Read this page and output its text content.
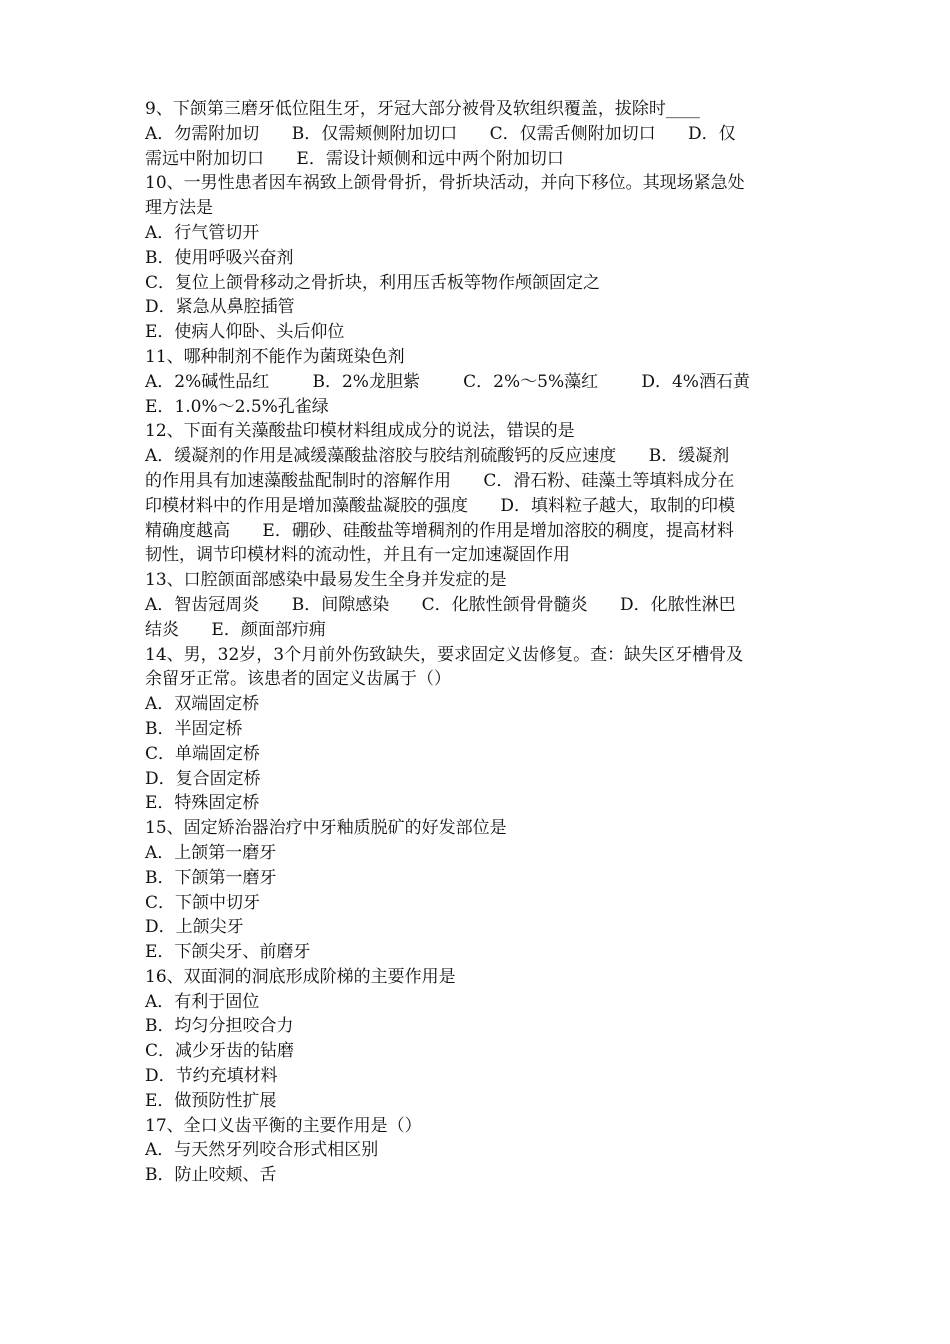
9、下颌第三磨牙低位阻生牙，牙冠大部分被骨及软组织覆盖，拔除时____
A．勿需附加切      B．仅需颊侧附加切口      C．仅需舌侧附加切口      D．仅
需远中附加切口      E．需设计颊侧和远中两个附加切口
10、一男性患者因车祸致上颌骨骨折，骨折块活动，并向下移位。其现场紧急处
理方法是
A．行气管切开
B．使用呼吸兴奋剂
C．复位上颌骨移动之骨折块，利用压舌板等物作颅颌固定之
D．紧急从鼻腔插管
E．使病人仰卧、头后仰位
11、哪种制剂不能作为菌斑染色剂
A．2%碱性品红        B．2%龙胆紫        C．2%～5%藻红        D．4%酒石黄
E．1.0%～2.5%孔雀绿
12、下面有关藻酸盐印模材料组成成分的说法，错误的是
A．缓凝剂的作用是减缓藻酸盐溶胶与胶结剂硫酸钙的反应速度      B．缓凝剂
的作用具有加速藻酸盐配制时的溶解作用      C．滑石粉、硅藻土等填料成分在
印模材料中的作用是增加藻酸盐凝胶的强度      D．填料粒子越大，取制的印模
精确度越高      E．硼砂、硅酸盐等增稠剂的作用是增加溶胶的稠度，提高材料
韧性，调节印模材料的流动性，并且有一定加速凝固作用
13、口腔颌面部感染中最易发生全身并发症的是
A．智齿冠周炎      B．间隙感染      C．化脓性颌骨骨髓炎      D．化脓性淋巴
结炎      E．颜面部疖痈
14、男，32岁，3个月前外伤致缺失，要求固定义齿修复。查：缺失区牙槽骨及
余留牙正常。该患者的固定义齿属于（）
A．双端固定桥
B．半固定桥
C．单端固定桥
D．复合固定桥
E．特殊固定桥
15、固定矫治器治疗中牙釉质脱矿的好发部位是
A．上颌第一磨牙
B．下颌第一磨牙
C．下颌中切牙
D．上颌尖牙
E．下颌尖牙、前磨牙
16、双面洞的洞底形成阶梯的主要作用是
A．有利于固位
B．均匀分担咬合力
C．减少牙齿的钻磨
D．节约充填材料
E．做预防性扩展
17、全口义齿平衡的主要作用是（）
A．与天然牙列咬合形式相区别
B．防止咬颊、舌
